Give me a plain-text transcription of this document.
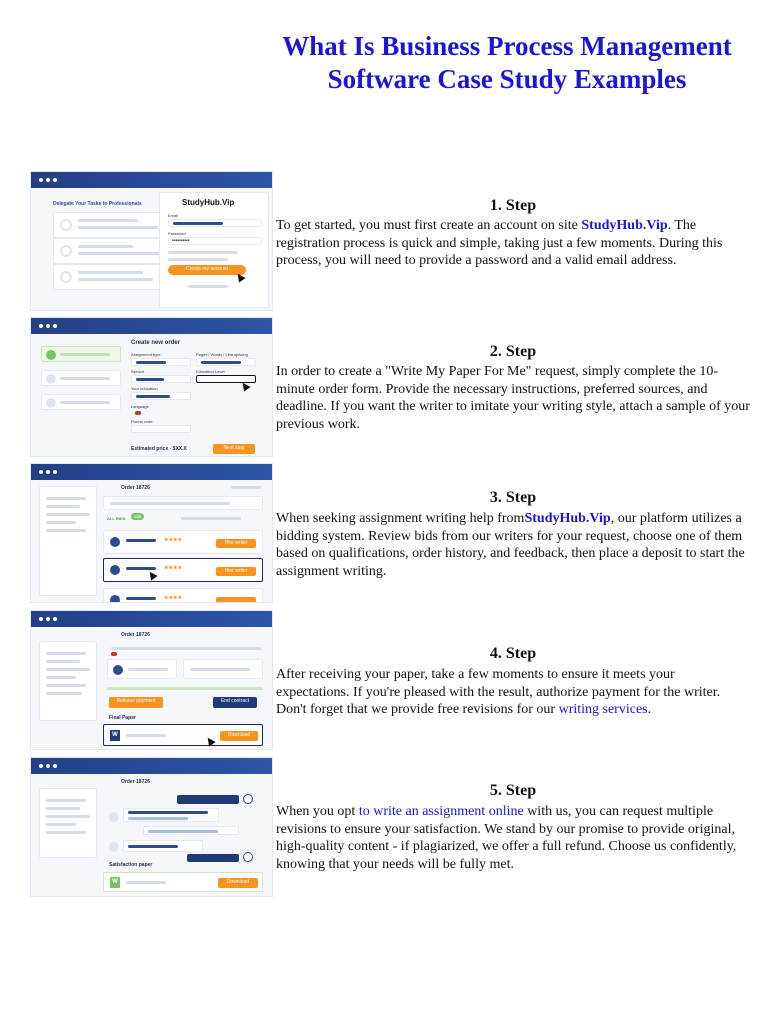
What Is Business Process Management Software Case Study Examples
Delegate Your Tasks to Professionals	StudyHub.Vip
Email
Password
••••••••••
Create my account
1. Step
To get started, you must first create an account on site StudyHub.Vip. The registration process is quick and simple, taking just a few moments. During this process, you will need to provide a password and a valid email address.
Create new order
Assignment type	Pages / Words / Line spacing
Service	Education Level
Your education
Language
Promo code
Estimated price - $XX.X	Next step
2. Step
In order to create a "Write My Paper For Me" request, simply complete the 10-minute order form. Provide the necessary instructions, preferred sources, and deadline. If you want the writer to imitate your writing style, attach a sample of your previous work.
Order 18726
ALL BIDS	125
★★★★	Hire writer
★★★★	Hire writer
★★★★
3. Step
When seeking assignment writing help fromStudyHub.Vip, our platform utilizes a bidding system. Review bids from our writers for your request, choose one of them based on qualifications, order history, and feedback, then place a deposit to start the assignment writing.
Order 18726
Release payment	End contract
Final Paper
W	Download
4. Step
After receiving your paper, take a few moments to ensure it meets your expectations. If you're pleased with the result, authorize payment for the writer. Don't forget that we provide free revisions for our writing services.
Order 18726
Satisfaction paper
W	Download
5. Step
When you opt to write an assignment online with us, you can request multiple revisions to ensure your satisfaction. We stand by our promise to provide original, high-quality content - if plagiarized, we offer a full refund. Choose us confidently, knowing that your needs will be fully met.
